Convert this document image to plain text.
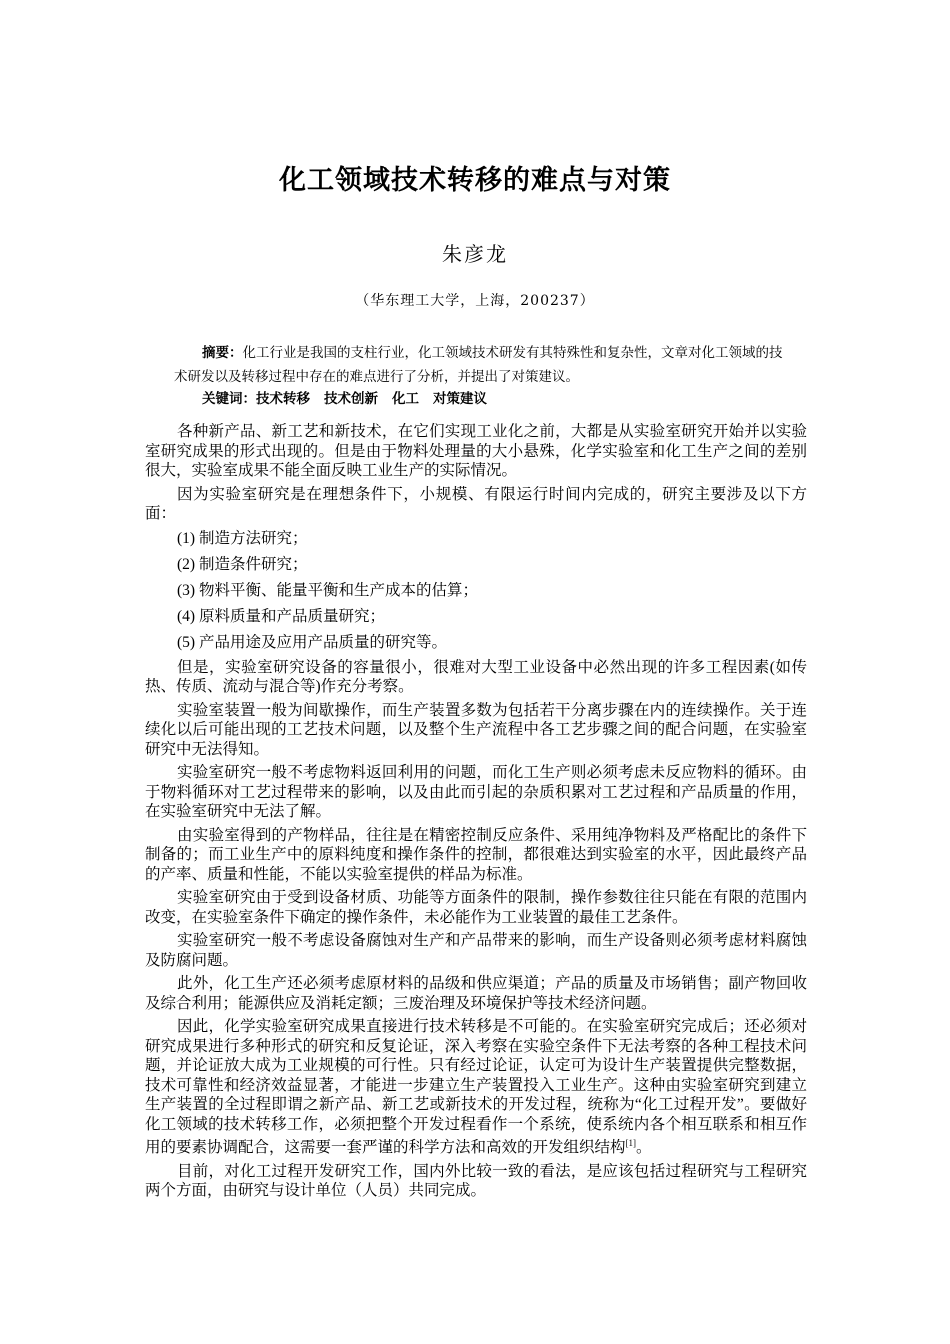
化工领域技术转移的难点与对策
朱彦龙
（华东理工大学，上海，200237）
摘要：化工行业是我国的支柱行业，化工领域技术研发有其特殊性和复杂性，文章对化工领域的技术研发以及转移过程中存在的难点进行了分析，并提出了对策建议。
关键词：技术转移 技术创新 化工 对策建议

各种新产品、新工艺和新技术，在它们实现工业化之前，大都是从实验室研究开始并以实验室研究成果的形式出现的。但是由于物料处理量的大小悬殊，化学实验室和化工生产之间的差别很大，实验室成果不能全面反映工业生产的实际情况。

因为实验室研究是在理想条件下，小规模、有限运行时间内完成的，研究主要涉及以下方面：

(1) 制造方法研究；

(2) 制造条件研究；

(3) 物料平衡、能量平衡和生产成本的估算；

(4) 原料质量和产品质量研究；

(5) 产品用途及应用产品质量的研究等。

但是，实验室研究设备的容量很小，很难对大型工业设备中必然出现的许多工程因素(如传热、传质、流动与混合等)作充分考察。

实验室装置一般为间歇操作，而生产装置多数为包括若干分离步骤在内的连续操作。关于连续化以后可能出现的工艺技术问题，以及整个生产流程中各工艺步骤之间的配合问题，在实验室研究中无法得知。

实验室研究一般不考虑物料返回利用的问题，而化工生产则必须考虑未反应物料的循环。由于物料循环对工艺过程带来的影响，以及由此而引起的杂质积累对工艺过程和产品质量的作用，在实验室研究中无法了解。

由实验室得到的产物样品，往往是在精密控制反应条件、采用纯净物料及严格配比的条件下制备的；而工业生产中的原料纯度和操作条件的控制，都很难达到实验室的水平，因此最终产品的产率、质量和性能，不能以实验室提供的样品为标准。

实验室研究由于受到设备材质、功能等方面条件的限制，操作参数往往只能在有限的范围内改变，在实验室条件下确定的操作条件，未必能作为工业装置的最佳工艺条件。

实验室研究一般不考虑设备腐蚀对生产和产品带来的影响，而生产设备则必须考虑材料腐蚀及防腐问题。

此外，化工生产还必须考虑原材料的品级和供应渠道；产品的质量及市场销售；副产物回收及综合利用；能源供应及消耗定额；三废治理及环境保护等技术经济问题。

因此，化学实验室研究成果直接进行技术转移是不可能的。在实验室研究完成后；还必须对研究成果进行多种形式的研究和反复论证，深入考察在实验空条件下无法考察的各种工程技术问题，并论证放大成为工业规模的可行性。只有经过论证，认定可为设计生产装置提供完整数据，技术可靠性和经济效益显著，才能进一步建立生产装置投入工业生产。这种由实验室研究到建立生产装置的全过程即谓之新产品、新工艺或新技术的开发过程，统称为“化工过程开发”。要做好化工领域的技术转移工作，必须把整个开发过程看作一个系统，使系统内各个相互联系和相互作用的要素协调配合，这需要一套严谨的科学方法和高效的开发组织结构[1]。

目前，对化工过程开发研究工作，国内外比较一致的看法，是应该包括过程研究与工程研究两个方面，由研究与设计单位（人员）共同完成。
